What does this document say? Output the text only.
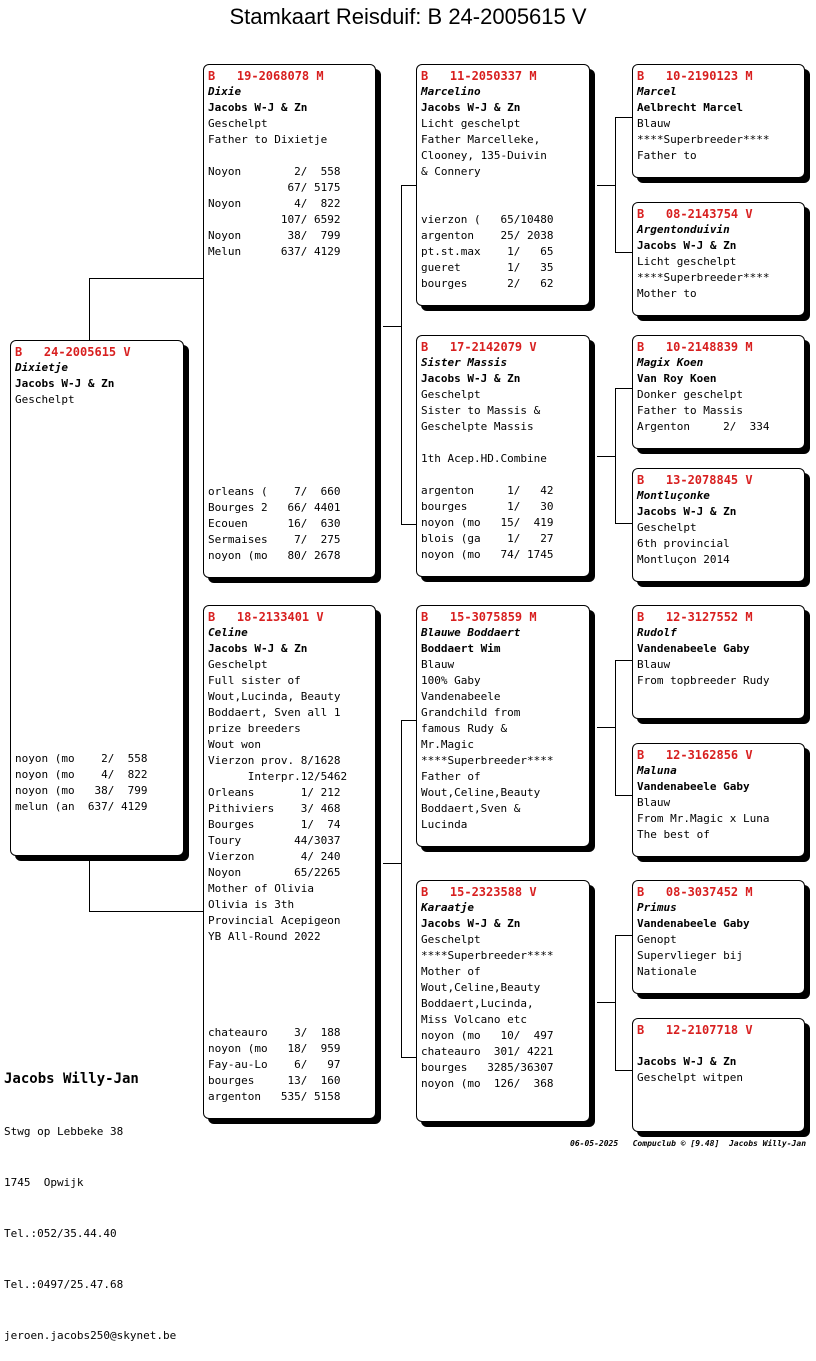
Stamkaart Reisduif: B 24-2005615 V
B   24-2005615 V
Dixietje
Jacobs W-J & Zn
Geschelpt
noyon (mo    2/  558
noyon (mo    4/  822
noyon (mo   38/  799
melun (an  637/ 4129
B   19-2068078 M
Dixie
Jacobs W-J & Zn
Geschelpt
Father to Dixietje
Noyon        2/  558
67/ 5175
Noyon        4/  822
107/ 6592
Noyon       38/  799
Melun      637/ 4129
orleans (    7/  660
Bourges 2   66/ 4401
Ecouen      16/  630
Sermaises    7/  275
noyon (mo   80/ 2678
B   18-2133401 V
Celine
Jacobs W-J & Zn
Geschelpt
Full sister of
Wout,Lucinda, Beauty
Boddaert, Sven all 1
prize breeders
Wout won
Vierzon prov. 8/1628
Interpr.12/5462
Orleans       1/ 212
Pithiviers    3/ 468
Bourges       1/  74
Toury        44/3037
Vierzon       4/ 240
Noyon        65/2265
Mother of Olivia
Olivia is 3th
Provincial Acepigeon
YB All-Round 2022
chateauro    3/  188
noyon (mo   18/  959
Fay-au-Lo    6/   97
bourges     13/  160
argenton   535/ 5158
B   11-2050337 M
Marcelino
Jacobs W-J & Zn
Licht geschelpt
Father Marcelleke,
Clooney, 135-Duivin
& Connery
vierzon (   65/10480
argenton    25/ 2038
pt.st.max    1/   65
gueret       1/   35
bourges      2/   62
B   17-2142079 V
Sister Massis
Jacobs W-J & Zn
Geschelpt
Sister to Massis &
Geschelpte Massis
1th Acep.HD.Combine
argenton     1/   42
bourges      1/   30
noyon (mo   15/  419
blois (ga    1/   27
noyon (mo   74/ 1745
B   15-3075859 M
Blauwe Boddaert
Boddaert Wim
Blauw
100% Gaby
Vandenabeele
Grandchild from
famous Rudy &
Mr.Magic
****Superbreeder****
Father of
Wout,Celine,Beauty
Boddaert,Sven &
Lucinda
B   15-2323588 V
Karaatje
Jacobs W-J & Zn
Geschelpt
****Superbreeder****
Mother of
Wout,Celine,Beauty
Boddaert,Lucinda,
Miss Volcano etc
noyon (mo   10/  497
chateauro  301/ 4221
bourges   3285/36307
noyon (mo  126/  368
B   10-2190123 M
Marcel
Aelbrecht Marcel
Blauw
****Superbreeder****
Father to
B   08-2143754 V
Argentonduivin
Jacobs W-J & Zn
Licht geschelpt
****Superbreeder****
Mother to
B   10-2148839 M
Magix Koen
Van Roy Koen
Donker geschelpt
Father to Massis
Argenton     2/  334
B   13-2078845 V
Montluçonke
Jacobs W-J & Zn
Geschelpt
6th provincial
Montluçon 2014
B   12-3127552 M
Rudolf
Vandenabeele Gaby
Blauw
From topbreeder Rudy
B   12-3162856 V
Maluna
Vandenabeele Gaby
Blauw
From Mr.Magic x Luna
The best of
B   08-3037452 M
Primus
Vandenabeele Gaby
Genopt
Supervlieger bij
Nationale
B   12-2107718 V
Jacobs W-J & Zn
Geschelpt witpen

Jacobs Willy-Jan

Stwg op Lebbeke 38

1745  Opwijk

Tel.:052/35.44.40

Tel.:0497/25.47.68

jeroen.jacobs250@skynet.be

06-05-2025   Compuclub © [9.48]  Jacobs Willy-Jan
